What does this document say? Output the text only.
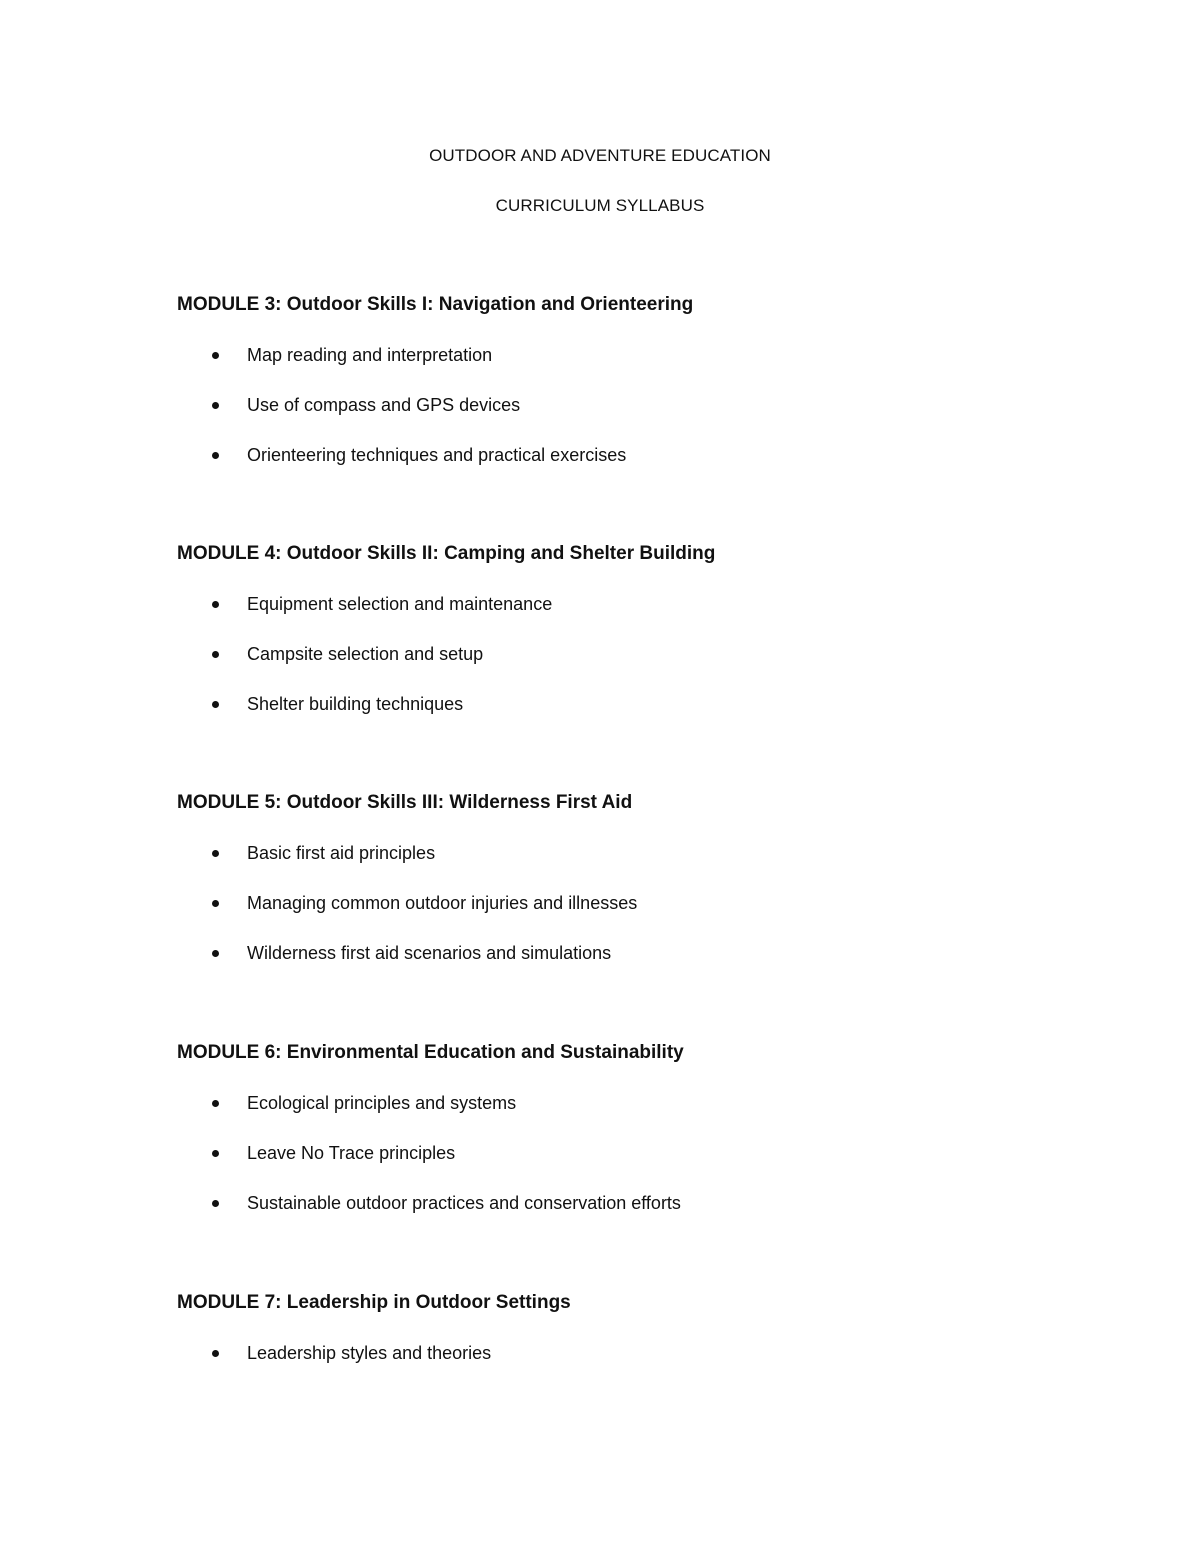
OUTDOOR AND ADVENTURE EDUCATION
CURRICULUM SYLLABUS
MODULE 3: Outdoor Skills I: Navigation and Orienteering
Map reading and interpretation
Use of compass and GPS devices
Orienteering techniques and practical exercises
MODULE 4: Outdoor Skills II: Camping and Shelter Building
Equipment selection and maintenance
Campsite selection and setup
Shelter building techniques
MODULE 5: Outdoor Skills III: Wilderness First Aid
Basic first aid principles
Managing common outdoor injuries and illnesses
Wilderness first aid scenarios and simulations
MODULE 6: Environmental Education and Sustainability
Ecological principles and systems
Leave No Trace principles
Sustainable outdoor practices and conservation efforts
MODULE 7: Leadership in Outdoor Settings
Leadership styles and theories
